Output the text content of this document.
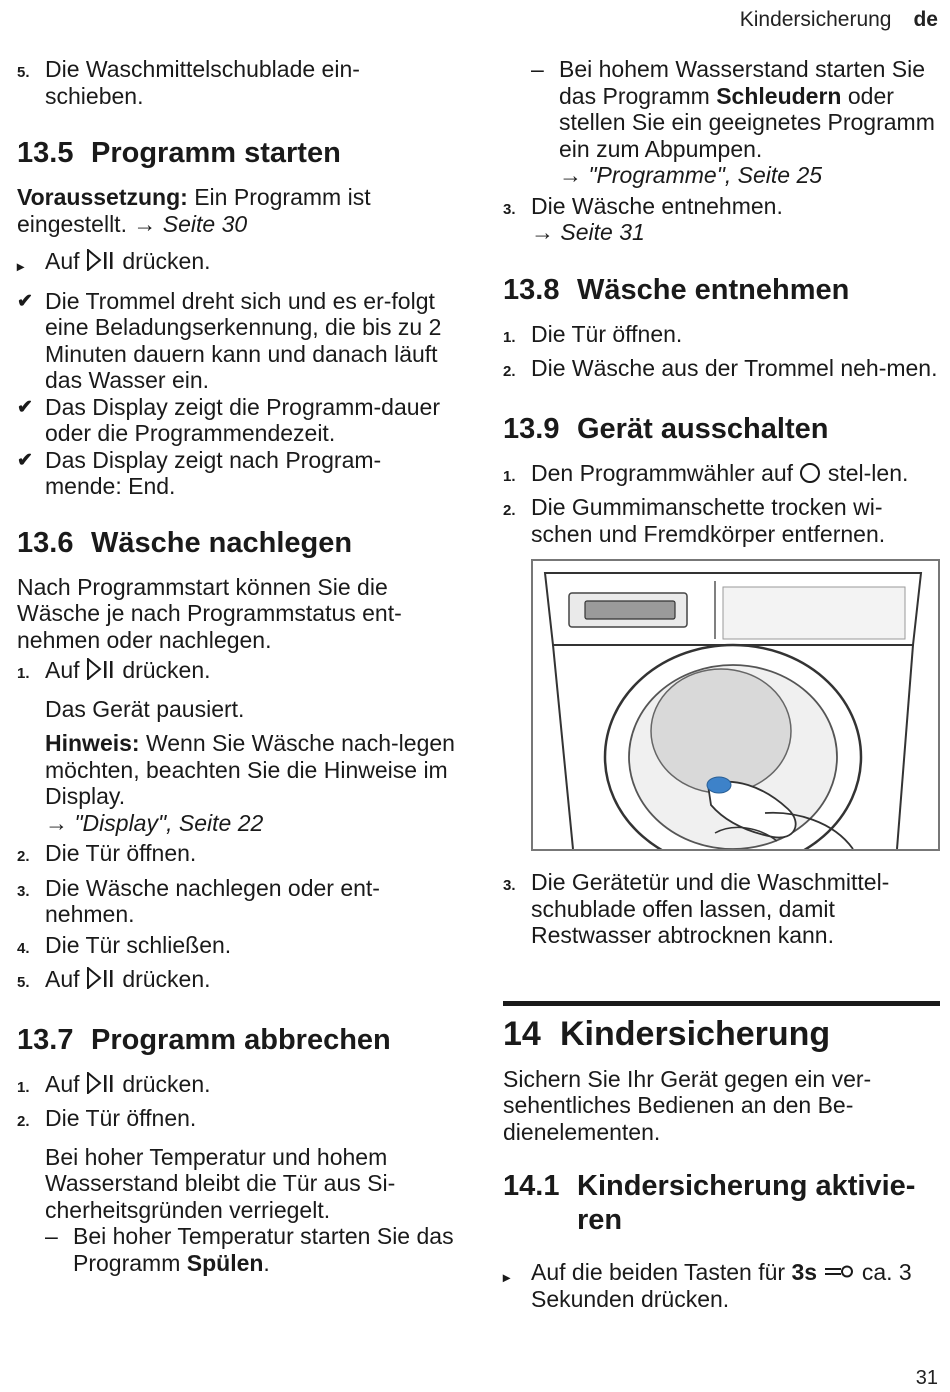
Kindersicherung de
5. Die Waschmittelschublade ein-schieben.
13.5 Programm starten

Voraussetzung: Ein Programm ist eingestellt. → Seite 30

▸ Auf drücken.
✔ Die Trommel dreht sich und es er-folgt eine Beladungserkennung, die bis zu 2 Minuten dauern kann und danach läuft das Wasser ein.
✔ Das Display zeigt die Programm-dauer oder die Programmendezeit.
✔ Das Display zeigt nach Program-mende: End.
13.6 Wäsche nachlegen

Nach Programmstart können Sie die Wäsche je nach Programmstatus ent-nehmen oder nachlegen.

1. Auf drücken.

Das Gerät pausiert.

Hinweis: Wenn Sie Wäsche nach-legen möchten, beachten Sie die Hinweise im Display.
→ "Display", Seite 22

2. Die Tür öffnen.
3. Die Wäsche nachlegen oder ent-nehmen.
4. Die Tür schließen.
5. Auf drücken.
13.7 Programm abbrechen
1. Auf drücken.
2. Die Tür öffnen.

Bei hoher Temperatur und hohem Wasserstand bleibt die Tür aus Si-cherheitsgründen verriegelt.

– Bei hoher Temperatur starten Sie das Programm Spülen.
– Bei hohem Wasserstand starten Sie das Programm Schleudern oder stellen Sie ein geeignetes Programm ein zum Abpumpen.
→ "Programme", Seite 25
3. Die Wäsche entnehmen.
→ Seite 31
13.8 Wäsche entnehmen
1. Die Tür öffnen.
2. Die Wäsche aus der Trommel neh-men.
13.9 Gerät ausschalten
1. Den Programmwähler auf stel-len.
2. Die Gummimanschette trocken wi-schen und Fremdkörper entfernen.
3. Die Gerätetür und die Waschmittel-schublade offen lassen, damit Restwasser abtrocknen kann.
14 Kindersicherung

Sichern Sie Ihr Gerät gegen ein ver-sehentliches Bedienen an den Be-dienelementen.

14.1 Kindersicherung aktivie-ren
▸ Auf die beiden Tasten für 3s ca. 3 Sekunden drücken.
31
